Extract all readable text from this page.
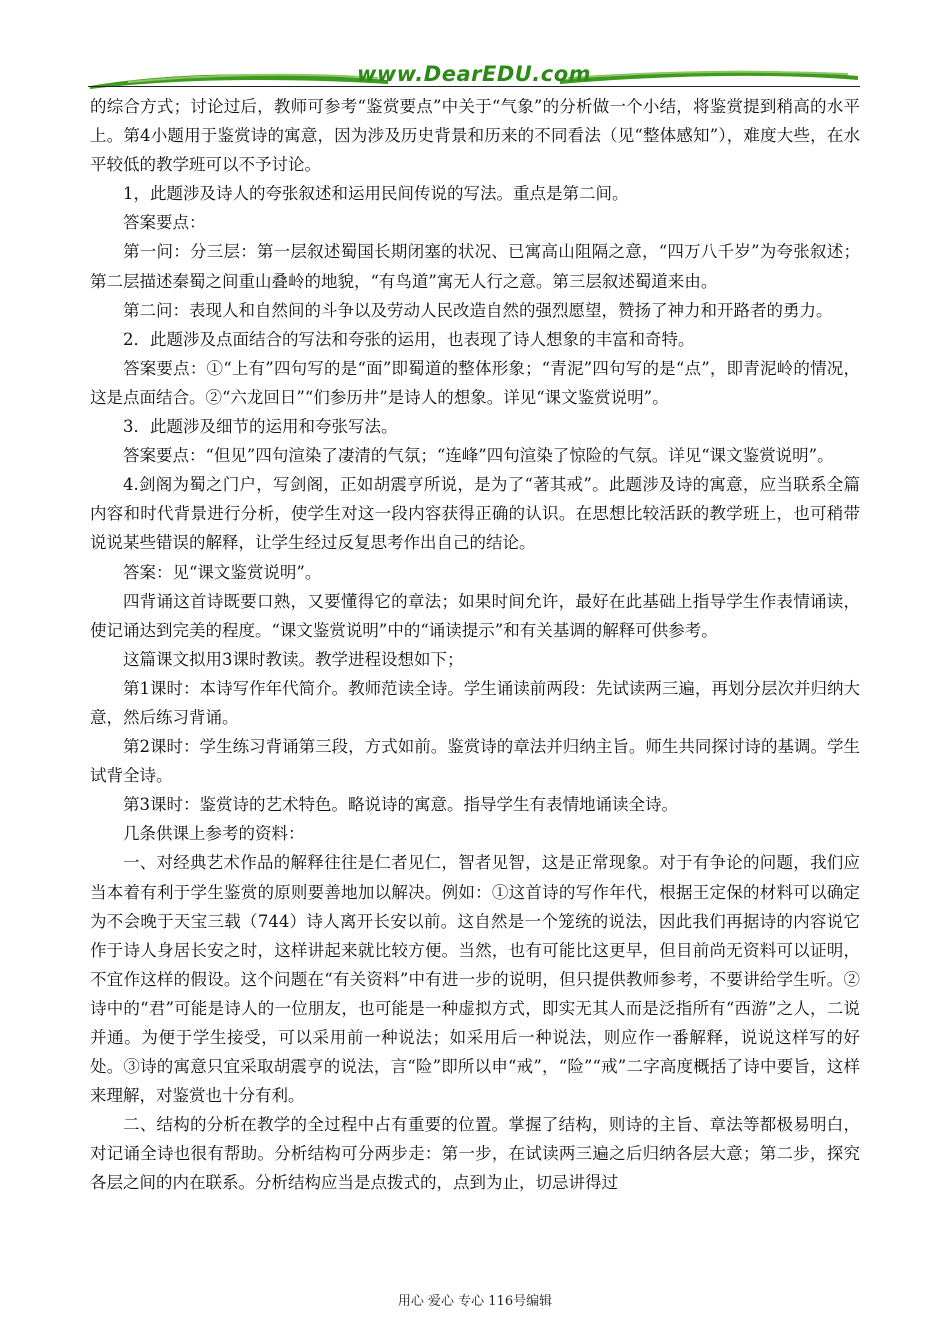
www.DearEDU.com

的综合方式；讨论过后，教师可参考“鉴赏要点”中关于“气象”的分析做一个小结，将鉴赏提到稍高的水平上。第4小题用于鉴赏诗的寓意，因为涉及历史背景和历来的不同看法（见“整体感知”），难度大些，在水平较低的教学班可以不予讨论。

1，此题涉及诗人的夸张叙述和运用民间传说的写法。重点是第二间。

答案要点：

第一问：分三层：第一层叙述蜀国长期闭塞的状况、已寓高山阻隔之意，“四万八千岁”为夸张叙述；第二层描述秦蜀之间重山叠岭的地貌，“有鸟道”寓无人行之意。第三层叙述蜀道来由。

第二问：表现人和自然间的斗争以及劳动人民改造自然的强烈愿望，赞扬了神力和开路者的勇力。

2．此题涉及点面结合的写法和夸张的运用，也表现了诗人想象的丰富和奇特。

答案要点：①“上有”四句写的是“面”即蜀道的整体形象；“青泥”四句写的是“点”，即青泥岭的情况，这是点面结合。②“六龙回日”“们参历井”是诗人的想象。详见“课文鉴赏说明”。

3．此题涉及细节的运用和夸张写法。

答案要点：“但见”四句渲染了凄清的气氛；“连峰”四句渲染了惊险的气氛。详见“课文鉴赏说明”。

4.剑阁为蜀之门户，写剑阁，正如胡震亨所说，是为了“著其戒”。此题涉及诗的寓意，应当联系全篇内容和时代背景进行分析，使学生对这一段内容获得正确的认识。在思想比较活跃的教学班上，也可稍带说说某些错误的解释，让学生经过反复思考作出自己的结论。

答案：见“课文鉴赏说明”。

四背诵这首诗既要口熟，又要懂得它的章法；如果时间允许，最好在此基础上指导学生作表情诵读，使记诵达到完美的程度。“课文鉴赏说明”中的“诵读提示”和有关基调的解释可供参考。

这篇课文拟用3课时教读。教学进程设想如下；

第1课时：本诗写作年代简介。教师范读全诗。学生诵读前两段：先试读两三遍，再划分层次并归纳大意，然后练习背诵。

第2课时：学生练习背诵第三段，方式如前。鉴赏诗的章法并归纳主旨。师生共同探讨诗的基调。学生试背全诗。

第3课时：鉴赏诗的艺术特色。略说诗的寓意。指导学生有表情地诵读全诗。

几条供课上参考的资料：

一、对经典艺术作品的解释往往是仁者见仁，智者见智，这是正常现象。对于有争论的问题，我们应当本着有利于学生鉴赏的原则要善地加以解决。例如：①这首诗的写作年代，根据王定保的材料可以确定为不会晚于天宝三载（744）诗人离开长安以前。这自然是一个笼统的说法，因此我们再据诗的内容说它作于诗人身居长安之时，这样讲起来就比较方便。当然，也有可能比这更早，但目前尚无资料可以证明，不宜作这样的假设。这个问题在“有关资料”中有进一步的说明，但只提供教师参考，不要讲给学生听。②诗中的“君”可能是诗人的一位朋友，也可能是一种虚拟方式，即实无其人而是泛指所有“西游”之人，二说并通。为便于学生接受，可以采用前一种说法；如采用后一种说法，则应作一番解释，说说这样写的好处。③诗的寓意只宜采取胡震亨的说法，言“险”即所以申“戒”，“险”“戒”二字高度概括了诗中要旨，这样来理解，对鉴赏也十分有利。

二、结构的分析在教学的全过程中占有重要的位置。掌握了结构，则诗的主旨、章法等都极易明白，对记诵全诗也很有帮助。分析结构可分两步走：第一步，在试读两三遍之后归纳各层大意；第二步，探究各层之间的内在联系。分析结构应当是点拨式的，点到为止，切忌讲得过

用心 爱心 专心 116号编辑
